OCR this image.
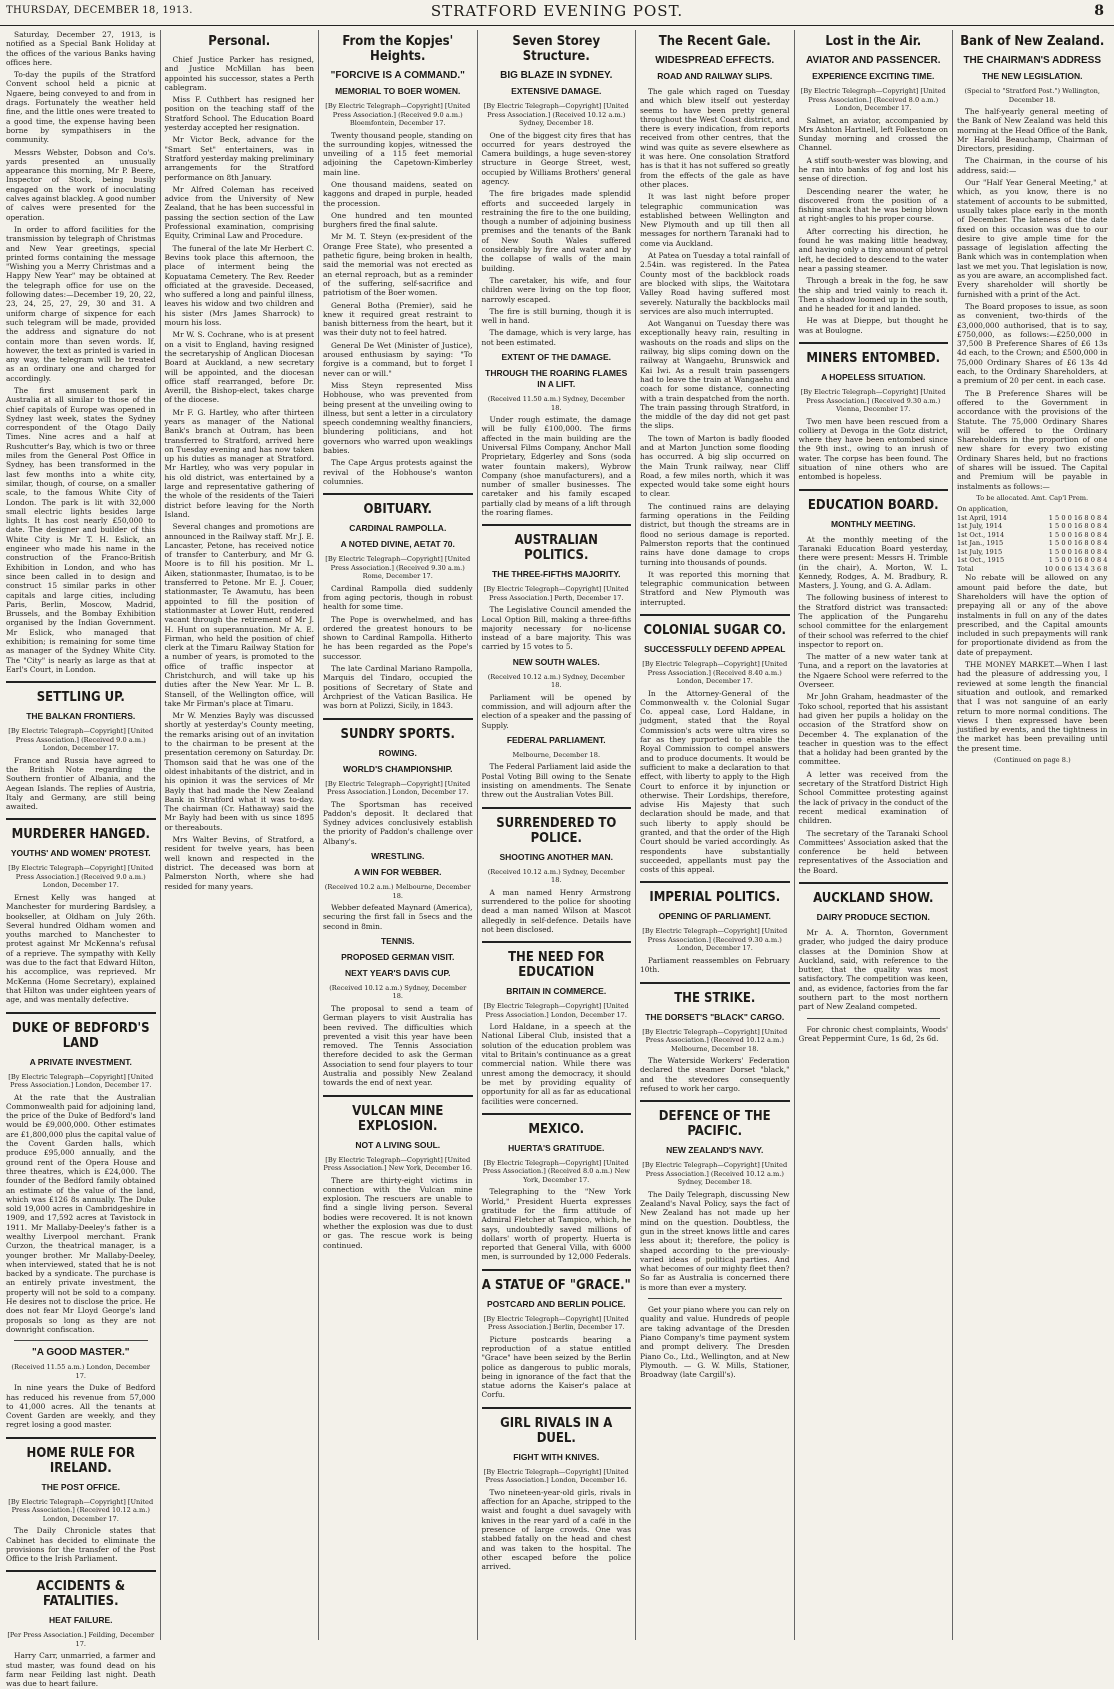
THURSDAY, DECEMBER 18, 1913.	STRATFORD EVENING POST.	8

Saturday, December 27, 1913, is notified as a Special Bank Holiday at the offices of the various Banks having offices here.

To-day the pupils of the Stratford Convent school held a picnic at Ngaere, being conveyed to and from in drags. Fortunately the weather held fine, and the little ones were treated to a good time, the expense having been borne by sympathisers in the community.

Messrs Webster, Dobson and Co's. yards presented an unusually appearance this morning, Mr P. Beere, Inspector of Stock, being busily engaged on the work of inoculating calves against blackleg. A good number of calves were presented for the operation.

In order to afford facilities for the transmission by telegraph of Christmas and New Year greetings, special printed forms containing the message "Wishing you a Merry Christmas and a Happy New Year" may be obtained at the telegraph office for use on the following dates:—December 19, 20, 22, 23, 24, 25, 27, 29, 30 and 31. A uniform charge of sixpence for each such telegram will be made, provided the address and signature do not contain more than seven words. If, however, the text as printed is varied in any way, the telegram will be treated as an ordinary one and charged for accordingly.

The first amusement park in Australia at all similar to those of the chief capitals of Europe was opened in Sydney last week, states the Sydney correspondent of the Otago Daily Times. Nine acres and a half at Rushcutter's Bay, which is two or three miles from the General Post Office in Sydney, has been transformed in the last few months into a white city, similar, though, of course, on a smaller scale, to the famous White City of London. The park is lit with 32,000 small electric lights besides large lights. It has cost nearly £50,000 to date. The designer and builder of this White City is Mr T. H. Eslick, an engineer who made his name in the construction of the Franco-British Exhibition in London, and who has since been called in to design and construct 15 similar parks in other capitals and large cities, including Paris, Berlin, Moscow, Madrid, Brussels, and the Bombay Exhibition organised by the Indian Government. Mr Eslick, who managed that exhibition; is remaining for some time as manager of the Sydney White City. The "City" is nearly as large as that at Earl's Court, in London.

SETTLING UP.
THE BALKAN FRONTIERS.
[By Electric Telegraph—Copyright] [United Press Association.] (Received 9.0 a.m.) London, December 17.

France and Russia have agreed to the British Note regarding the Southern frontier of Albania, and the Aegean Islands. The replies of Austria, Italy and Germany, are still being awaited.

MURDERER HANGED.
YOUTHS' AND WOMEN' PROTEST.
[By Electric Telegraph—Copyright] [United Press Association.] (Received 9.0 a.m.) London, December 17.

Ernest Kelly was hanged at Manchester for murdering Bardsley, a bookseller, at Oldham on July 26th. Several hundred Oldham women and youths marched to Manchester to protest against Mr McKenna's refusal of a reprieve. The sympathy with Kelly was due to the fact that Edward Hilton, his accomplice, was reprieved. Mr McKenna (Home Secretary), explained that Hilton was under eighteen years of age, and was mentally defective.

DUKE OF BEDFORD'S LAND
A PRIVATE INVESTMENT.
[By Electric Telegraph—Copyright] [United Press Association.] London, December 17.

At the rate that the Australian Commonwealth paid for adjoining land, the price of the Duke of Bedford's land would be £9,000,000. Other estimates are £1,800,000 plus the capital value of the Covent Garden halls, which produce £95,000 annually, and the ground rent of the Opera House and three theatres, which is £24,000. The founder of the Bedford family obtained an estimate of the value of the land, which was £126 8s annually. The Duke sold 19,000 acres in Cambridgeshire in 1909, and 17,592 acres at Tavistock in 1911. Mr Mallaby-Deeley's father is a wealthy Liverpool merchant. Frank Curzon, the theatrical manager, is a younger brother. Mr Mallaby-Deeley, when interviewed, stated that he is not backed by a syndicate. The purchase is an entirely private investment, the property will not be sold to a company. He desires not to disclose the price. He does not fear Mr Lloyd George's land proposals so long as they are not downright confiscation.

"A GOOD MASTER."
(Received 11.55 a.m.) London, December 17.

In nine years the Duke of Bedford has reduced his revenue from 57,000 to 41,000 acres. All the tenants at Covent Garden are weekly, and they regret losing a good master.

HOME RULE FOR IRELAND.
THE POST OFFICE.
[By Electric Telegraph—Copyright] [United Press Association.] (Received 10.12 a.m.) London, December 17.

The Daily Chronicle states that Cabinet has decided to eliminate the provisions for the transfer of the Post Office to the Irish Parliament.

ACCIDENTS & FATALITIES.
HEAT FAILURE.
[Per Press Association.] Feilding, December 17.

Harry Carr, unmarried, a farmer and stud master, was found dead on his farm near Feilding last night. Death was due to heart failure.

Personal.

Chief Justice Parker has resigned, and Justice McMillan has been appointed his successor, states a Perth cablegram.

Miss F. Cuthbert has resigned her position on the teaching staff of the Stratford School. The Education Board yesterday accepted her resignation.

Mr Victor Beck, advance for the "Smart Set" entertainers, was in Stratford yesterday making preliminary arrangements for the Stratford performance on 8th January.

Mr Alfred Coleman has received advice from the University of New Zealand, that he has been successful in passing the section section of the Law Professional examination, comprising Equity, Criminal Law and Procedure.

The funeral of the late Mr Herbert C. Bevins took place this afternoon, the place of interment being the Kopuatama Cemetery. The Rev. Reeder officiated at the graveside. Deceased, who suffered a long and painful illness, leaves his widow and two children and his sister (Mrs James Sharrock) to mourn his loss.

Mr W. S. Cochrane, who is at present on a visit to England, having resigned the secretaryship of Anglican Diocesan Board at Auckland, a new secretary will be appointed, and the diocesan office staff rearranged, before Dr. Averill, the Bishop-elect, takes charge of the diocese.

Mr F. G. Hartley, who after thirteen years as manager of the National Bank's branch at Outram, has been transferred to Stratford, arrived here on Tuesday evening and has now taken up his duties as manager at Stratford. Mr Hartley, who was very popular in his old district, was entertained by a large and representative gathering of the whole of the residents of the Taieri district before leaving for the North Island.

Several changes and promotions are announced in the Railway staff. Mr J. E. Lancaster, Petone, has received notice of transfer to Canterbury, and Mr G. Moore is to fill his position. Mr L. Aiken, stationmaster, Ihumatao, is to be transferred to Petone. Mr E. J. Couer, stationmaster, Te Awamutu, has been appointed to fill the position of stationmaster at Lower Hutt, rendered vacant through the retirement of Mr J. H. Hunt on superannuation. Mr A. E. Firman, who held the position of chief clerk at the Timaru Railway Station for a number of years, is promoted to the office of traffic inspector at Christchurch, and will take up his duties after the New Year. Mr L. B. Stansell, of the Wellington office, will take Mr Firman's place at Timaru.

Mr W. Menzies Bayly was discussed shortly at yesterday's County meeting, the remarks arising out of an invitation to the chairman to be present at the presentation ceremony on Saturday. Dr. Thomson said that he was one of the oldest inhabitants of the district, and in his opinion it was the services of Mr Bayly that had made the New Zealand Bank in Stratford what it was to-day. The chairman (Cr. Hathaway) said the Mr Bayly had been with us since 1895 or thereabouts.

Mrs Walter Bevins, of Stratford, a resident for twelve years, has been well known and respected in the district. The deceased was born at Palmerston North, where she had resided for many years.

From the Kopjes' Heights.
"FORCIVE IS A COMMAND."
MEMORIAL TO BOER WOMEN.
[By Electric Telegraph—Copyright] [United Press Association.] (Received 9.0 a.m.) Bloemfontein, December 17.

Twenty thousand people, standing on the surrounding kopjes, witnessed the unveiling of a 115 feet memorial adjoining the Capetown-Kimberley main line.

One thousand maidens, seated on kaggons and draped in purple, headed the procession.

One hundred and ten mounted burghers fired the final salute.

Mr M. T. Steyn (ex-president of the Orange Free State), who presented a pathetic figure, being broken in health, said the memorial was not erected as an eternal reproach, but as a reminder of the suffering, self-sacrifice and patriotism of the Boer women.

General Botha (Premier), said he knew it required great restraint to banish bitterness from the heart, but it was their duty not to feel hatred.

General De Wet (Minister of Justice), aroused enthusiasm by saying: "To forgive is a command, but to forget I never can or will."

Miss Steyn represented Miss Hobhouse, who was prevented from being present at the unveiling owing to illness, but sent a letter in a circulatory speech condemning wealthy financiers, blundering politicians, and hot governors who warred upon weaklings babies.

The Cape Argus protests against the revival of the Hobhouse's wanton columnies.

OBITUARY.
CARDINAL RAMPOLLA.
A NOTED DIVINE, AETAT 70.
[By Electric Telegraph—Copyright] [United Press Association.] (Received 9.30 a.m.) Rome, December 17.

Cardinal Rampolla died suddenly from aging pectoris, though in robust health for some time.

The Pope is overwhelmed, and has ordered the greatest honours to be shown to Cardinal Rampolla. Hitherto he has been regarded as the Pope's successor.

The late Cardinal Mariano Rampolla, Marquis del Tindaro, occupied the positions of Secretary of State and Archpriest of the Vatican Basilica. He was born at Polizzi, Sicily, in 1843.

SUNDRY SPORTS.
ROWING.
WORLD'S CHAMPIONSHIP.
[By Electric Telegraph—Copyright] [United Press Association.] London, December 17.

The Sportsman has received Paddon's deposit. It declared that Sydney advices conclusively establish the priority of Paddon's challenge over Albany's.

WRESTLING.
A WIN FOR WEBBER.
(Received 10.2 a.m.) Melbourne, December 18.

Webber defeated Maynard (America), securing the first fall in 5secs and the second in 8min.

TENNIS.
PROPOSED GERMAN VISIT.
NEXT YEAR'S DAVIS CUP.
(Received 10.12 a.m.) Sydney, December 18.

The proposal to send a team of German players to visit Australia has been revived. The difficulties which prevented a visit this year have been removed. The Tennis Association therefore decided to ask the German Association to send four players to tour Australia and possibly New Zealand towards the end of next year.

VULCAN MINE EXPLOSION.
NOT A LIVING SOUL.
[By Electric Telegraph—Copyright] [United Press Association.] New York, December 16.

There are thirty-eight victims in connection with the Vulcan mine explosion. The rescuers are unable to find a single living person. Several bodies were recovered. It is not known whether the explosion was due to dust or gas. The rescue work is being continued.

Seven Storey Structure.
BIG BLAZE IN SYDNEY.
EXTENSIVE DAMAGE.
[By Electric Telegraph—Copyright] [United Press Association.] (Received 10.12 a.m.) Sydney, December 18.

One of the biggest city fires that has occurred for years destroyed the Camera buildings, a huge seven-storey structure in George Street, west, occupied by Williams Brothers' general agency.

The fire brigades made splendid efforts and succeeded largely in restraining the fire to the one building, though a number of adjoining business premises and the tenants of the Bank of New South Wales suffered considerably by fire and water and by the collapse of walls of the main building.

The caretaker, his wife, and four children were living on the top floor, narrowly escaped.

The fire is still burning, though it is well in hand.

The damage, which is very large, has not been estimated.

EXTENT OF THE DAMAGE.
THROUGH THE ROARING FLAMES IN A LIFT.
(Received 11.50 a.m.) Sydney, December 18.

Under rough estimate, the damage will be fully £100,000. The firms affected in the main building are the Universal Films Company, Anchor Mall Proprietary, Edgerley and Sons (soda water fountain makers), Wybrow Company (shoe manufacturers), and a number of smaller businesses. The caretaker and his family escaped partially clad by means of a lift through the roaring flames.

AUSTRALIAN POLITICS.
THE THREE-FIFTHS MAJORITY.
[By Electric Telegraph—Copyright] [United Press Association.] Perth, December 17.

The Legislative Council amended the Local Option Bill, making a three-fifths majority necessary for no-license instead of a bare majority. This was carried by 15 votes to 5.

NEW SOUTH WALES.
(Received 10.12 a.m.) Sydney, December 18.

Parliament will be opened by commission, and will adjourn after the election of a speaker and the passing of Supply.

FEDERAL PARLIAMENT.
Melbourne, December 18.

The Federal Parliament laid aside the Postal Voting Bill owing to the Senate insisting on amendments. The Senate threw out the Australian Votes Bill.

SURRENDERED TO POLICE.
SHOOTING ANOTHER MAN.
(Received 10.12 a.m.) Sydney, December 18.

A man named Henry Armstrong surrendered to the police for shooting dead a man named Wilson at Mascot allegedly in self-defence. Details have not been disclosed.

THE NEED FOR EDUCATION
BRITAIN IN COMMERCE.
[By Electric Telegraph—Copyright] [United Press Association.] London, December 17.

Lord Haldane, in a speech at the National Liberal Club, insisted that a solution of the education problem was vital to Britain's continuance as a great commercial nation. While there was unrest among the democracy, it should be met by providing equality of opportunity for all as far as educational facilities were concerned.

MEXICO.
HUERTA'S GRATITUDE.
[By Electric Telegraph—Copyright] [United Press Association.] (Received 8.0 a.m.) New York, December 17.

Telegraphing to the "New York World," President Huerta expresses gratitude for the firm attitude of Admiral Fletcher at Tampico, which, he says, undoubtedly saved millions of dollars' worth of property. Huerta is reported that General Villa, with 6000 men, is surrounded by 12,000 Federals.

A STATUE OF "GRACE."
POSTCARD AND BERLIN POLICE.
[By Electric Telegraph—Copyright] [United Press Association.] Berlin, December 17.

Picture postcards bearing a reproduction of a statue entitled "Grace" have been seized by the Berlin police as dangerous to public morals, being in ignorance of the fact that the statue adorns the Kaiser's palace at Corfu.

GIRL RIVALS IN A DUEL.
FIGHT WITH KNIVES.
[By Electric Telegraph—Copyright] [United Press Association.] London, December 16.

Two nineteen-year-old girls, rivals in affection for an Apache, stripped to the waist and fought a duel savagely with knives in the rear yard of a café in the presence of large crowds. One was stabbed fatally on the head and chest and was taken to the hospital. The other escaped before the police arrived.

The Recent Gale.
WIDESPREAD EFFECTS.
ROAD AND RAILWAY SLIPS.

The gale which raged on Tuesday and which blew itself out yesterday seems to have been pretty general throughout the West Coast district, and there is every indication, from reports received from other centres, that the wind was quite as severe elsewhere as it was here. One consolation Stratford has is that it has not suffered so greatly from the effects of the gale as have other places.

It was last night before proper telegraphic communication was established between Wellington and New Plymouth and up till then all messages for northern Taranaki had to come via Auckland.

At Patea on Tuesday a total rainfall of 2.54in. was registered. In the Patea County most of the backblock roads are blocked with slips, the Waitotara Valley Road having suffered most severely. Naturally the backblocks mail services are also much interrupted.

Aot Wanganui on Tuesday there was exceptionally heavy rain, resulting in washouts on the roads and slips on the railway, big slips coming down on the railway at Wangaehu, Brunswick and Kai Iwi. As a result train passengers had to leave the train at Wangaehu and coach for some distance, connecting with a train despatched from the north. The train passing through Stratford, in the middle of the day did not get past the slips.

The town of Marton is badly flooded and at Marton Junction some flooding has occurred. A big slip occurred on the Main Trunk railway, near Cliff Road, a few miles north, which it was expected would take some eight hours to clear.

The continued rains are delaying farming operations in the Feilding district, but though the streams are in flood no serious damage is reported. Palmerston reports that the continued rains have done damage to crops turning into thousands of pounds.

It was reported this morning that telegraphic communication between Stratford and New Plymouth was interrupted.

COLONIAL SUGAR CO.
SUCCESSFULLY DEFEND APPEAL
[By Electric Telegraph—Copyright] [United Press Association.] (Received 8.40 a.m.) London, December 17.

In the Attorney-General of the Commonwealth v. the Colonial Sugar Co. appeal case, Lord Haldane, in judgment, stated that the Royal Commission's acts were ultra vires so far as they purported to enable the Royal Commission to compel answers and to produce documents. It would be sufficient to make a declaration to that effect, with liberty to apply to the High Court to enforce it by injunction or otherwise. Their Lordships, therefore, advise His Majesty that such declaration should be made, and that such liberty to apply should be granted, and that the order of the High Court should be varied accordingly. As respondents have substantially succeeded, appellants must pay the costs of this appeal.

IMPERIAL POLITICS.
OPENING OF PARLIAMENT.
[By Electric Telegraph—Copyright] [United Press Association.] (Received 9.30 a.m.) London, December 17.

Parliament reassembles on February 10th.

THE STRIKE.
THE DORSET'S "BLACK" CARGO.
[By Electric Telegraph—Copyright] [United Press Association.] (Received 10.12 a.m.) Melbourne, December 18.

The Waterside Workers' Federation declared the steamer Dorset "black," and the stevedores consequently refused to work her cargo.

DEFENCE OF THE PACIFIC.
NEW ZEALAND'S NAVY.
[By Electric Telegraph—Copyright] [United Press Association.] (Received 10.12 a.m.) Sydney, December 18.

The Daily Telegraph, discussing New Zealand's Naval Policy, says the fact of New Zealand has not made up her mind on the question. Doubtless, the gun in the street knows little and cares less about it; therefore, the policy is shaped according to the pre-viously-varied ideas of political parties. And what becomes of our mighty fleet then? So far as Australia is concerned there is more than ever a mystery.

Get your piano where you can rely on quality and value. Hundreds of people are taking advantage of the Dresden Piano Company's time payment system and prompt delivery. The Dresden Piano Co., Ltd., Wellington, and at New Plymouth. — G. W. Mills, Stationer, Broadway (late Cargill's).

Lost in the Air.
AVIATOR AND PASSENCER.
EXPERIENCE EXCITING TIME.
[By Electric Telegraph—Copyright] [United Press Association.] (Received 8.0 a.m.) London, December 17.

Salmet, an aviator, accompanied by Mrs Ashton Hartnell, left Folkestone on Sunday morning and crossed the Channel.

A stiff south-wester was blowing, and he ran into banks of fog and lost his sense of direction.

Descending nearer the water, he discovered from the position of a fishing smack that he was being blown at right-angles to his proper course.

After correcting his direction, he found he was making little headway, and having only a tiny amount of petrol left, he decided to descend to the water near a passing steamer.

Through a break in the fog, he saw the ship and tried vainly to reach it. Then a shadow loomed up in the south, and he headed for it and landed.

He was at Dieppe, but thought he was at Boulogne.

MINERS ENTOMBED.
A HOPELESS SITUATION.
[By Electric Telegraph—Copyright] [United Press Association.] (Received 9.30 a.m.) Vienna, December 17.

Two men have been rescued from a colliery at Devoga in the Gotz district, where they have been entombed since the 9th inst., owing to an inrush of water. The corpse has been found. The situation of nine others who are entombed is hopeless.

EDUCATION BOARD.
MONTHLY MEETING.

At the monthly meeting of the Taranaki Education Board yesterday, there were present: Messrs H. Trimble (in the chair), A. Morton, W. L. Kennedy, Rodges, A. M. Bradbury, R. Masters, J. Young, and G. A. Adlam.

The following business of interest to the Stratford district was transacted: The application of the Pungarehu school committee for the enlargement of their school was referred to the chief inspector to report on.

The matter of a new water tank at Tuna, and a report on the lavatories at the Ngaere School were referred to the Overseer.

Mr John Graham, headmaster of the Toko school, reported that his assistant had given her pupils a holiday on the occasion of the Stratford show on December 4. The explanation of the teacher in question was to the effect that a holiday had been granted by the committee.

A letter was received from the secretary of the Stratford District High School Committee protesting against the lack of privacy in the conduct of the recent medical examination of children.

The secretary of the Taranaki School Committees' Association asked that the conference be held between representatives of the Association and the Board.

AUCKLAND SHOW.
DAIRY PRODUCE SECTION.

Mr A. A. Thornton, Government grader, who judged the dairy produce classes at the Dominion Show at Auckland, said, with reference to the butter, that the quality was most satisfactory. The competition was keen, and, as evidence, factories from the far southern part to the most northern part of New Zealand competed.

For chronic chest complaints, Woods' Great Peppermint Cure, 1s 6d, 2s 6d.

Bank of New Zealand.
THE CHAIRMAN'S ADDRESS
THE NEW LEGISLATION.
(Special to "Stratford Post.") Wellington, December 18.

The half-yearly general meeting of the Bank of New Zealand was held this morning at the Head Office of the Bank, Mr Harold Beauchamp, Chairman of Directors, presiding.

The Chairman, in the course of his address, said:—

Our "Half Year General Meeting," at which, as you know, there is no statement of accounts to be submitted, usually takes place early in the month of December. The lateness of the date fixed on this occasion was due to our desire to give ample time for the passage of legislation affecting the Bank which was in contemplation when last we met you. That legislation is now, as you are aware, an accomplished fact. Every shareholder will shortly be furnished with a print of the Act.

The Board proposes to issue, as soon as convenient, two-thirds of the £3,000,000 authorised, that is to say, £750,000, as follows:—£250,000 in 37,500 B Preference Shares of £6 13s 4d each, to the Crown; and £500,000 in 75,000 Ordinary Shares of £6 13s 4d each, to the Ordinary Shareholders, at a premium of 20 per cent. in each case.

The B Preference Shares will be offered to the Government in accordance with the provisions of the Statute. The 75,000 Ordinary Shares will be offered to the Ordinary Shareholders in the proportion of one new share for every two existing Ordinary Shares held, but no fractions of shares will be issued. The Capital and Premium will be payable in instalments as follows:—

To be allocated. Amt. Cap'l Prem.
On application,	
1st April, 1914	1 5 0 0 16 8 0 8 4
1st July, 1914	1 5 0 0 16 8 0 8 4
1st Oct., 1914	1 5 0 0 16 8 0 8 4
1st Jan., 1915	1 5 0 0 16 8 0 8 4
1st July, 1915	1 5 0 0 16 8 0 8 4
1st Oct., 1915	1 5 0 0 16 8 0 8 4
Total	10 0 0 6 13 4 3 6 8

No rebate will be allowed on any amount paid before the date, but Shareholders will have the option of prepaying all or any of the above instalments in full on any of the dates prescribed, and the Capital amounts included in such prepayments will rank for proportionate dividend as from the date of prepayment.

THE MONEY MARKET.—When I last had the pleasure of addressing you, I reviewed at some length the financial situation and outlook, and remarked that I was not sanguine of an early return to more normal conditions. The views I then expressed have been justified by events, and the tightness in the market has been prevailing until the present time.

(Continued on page 8.)
